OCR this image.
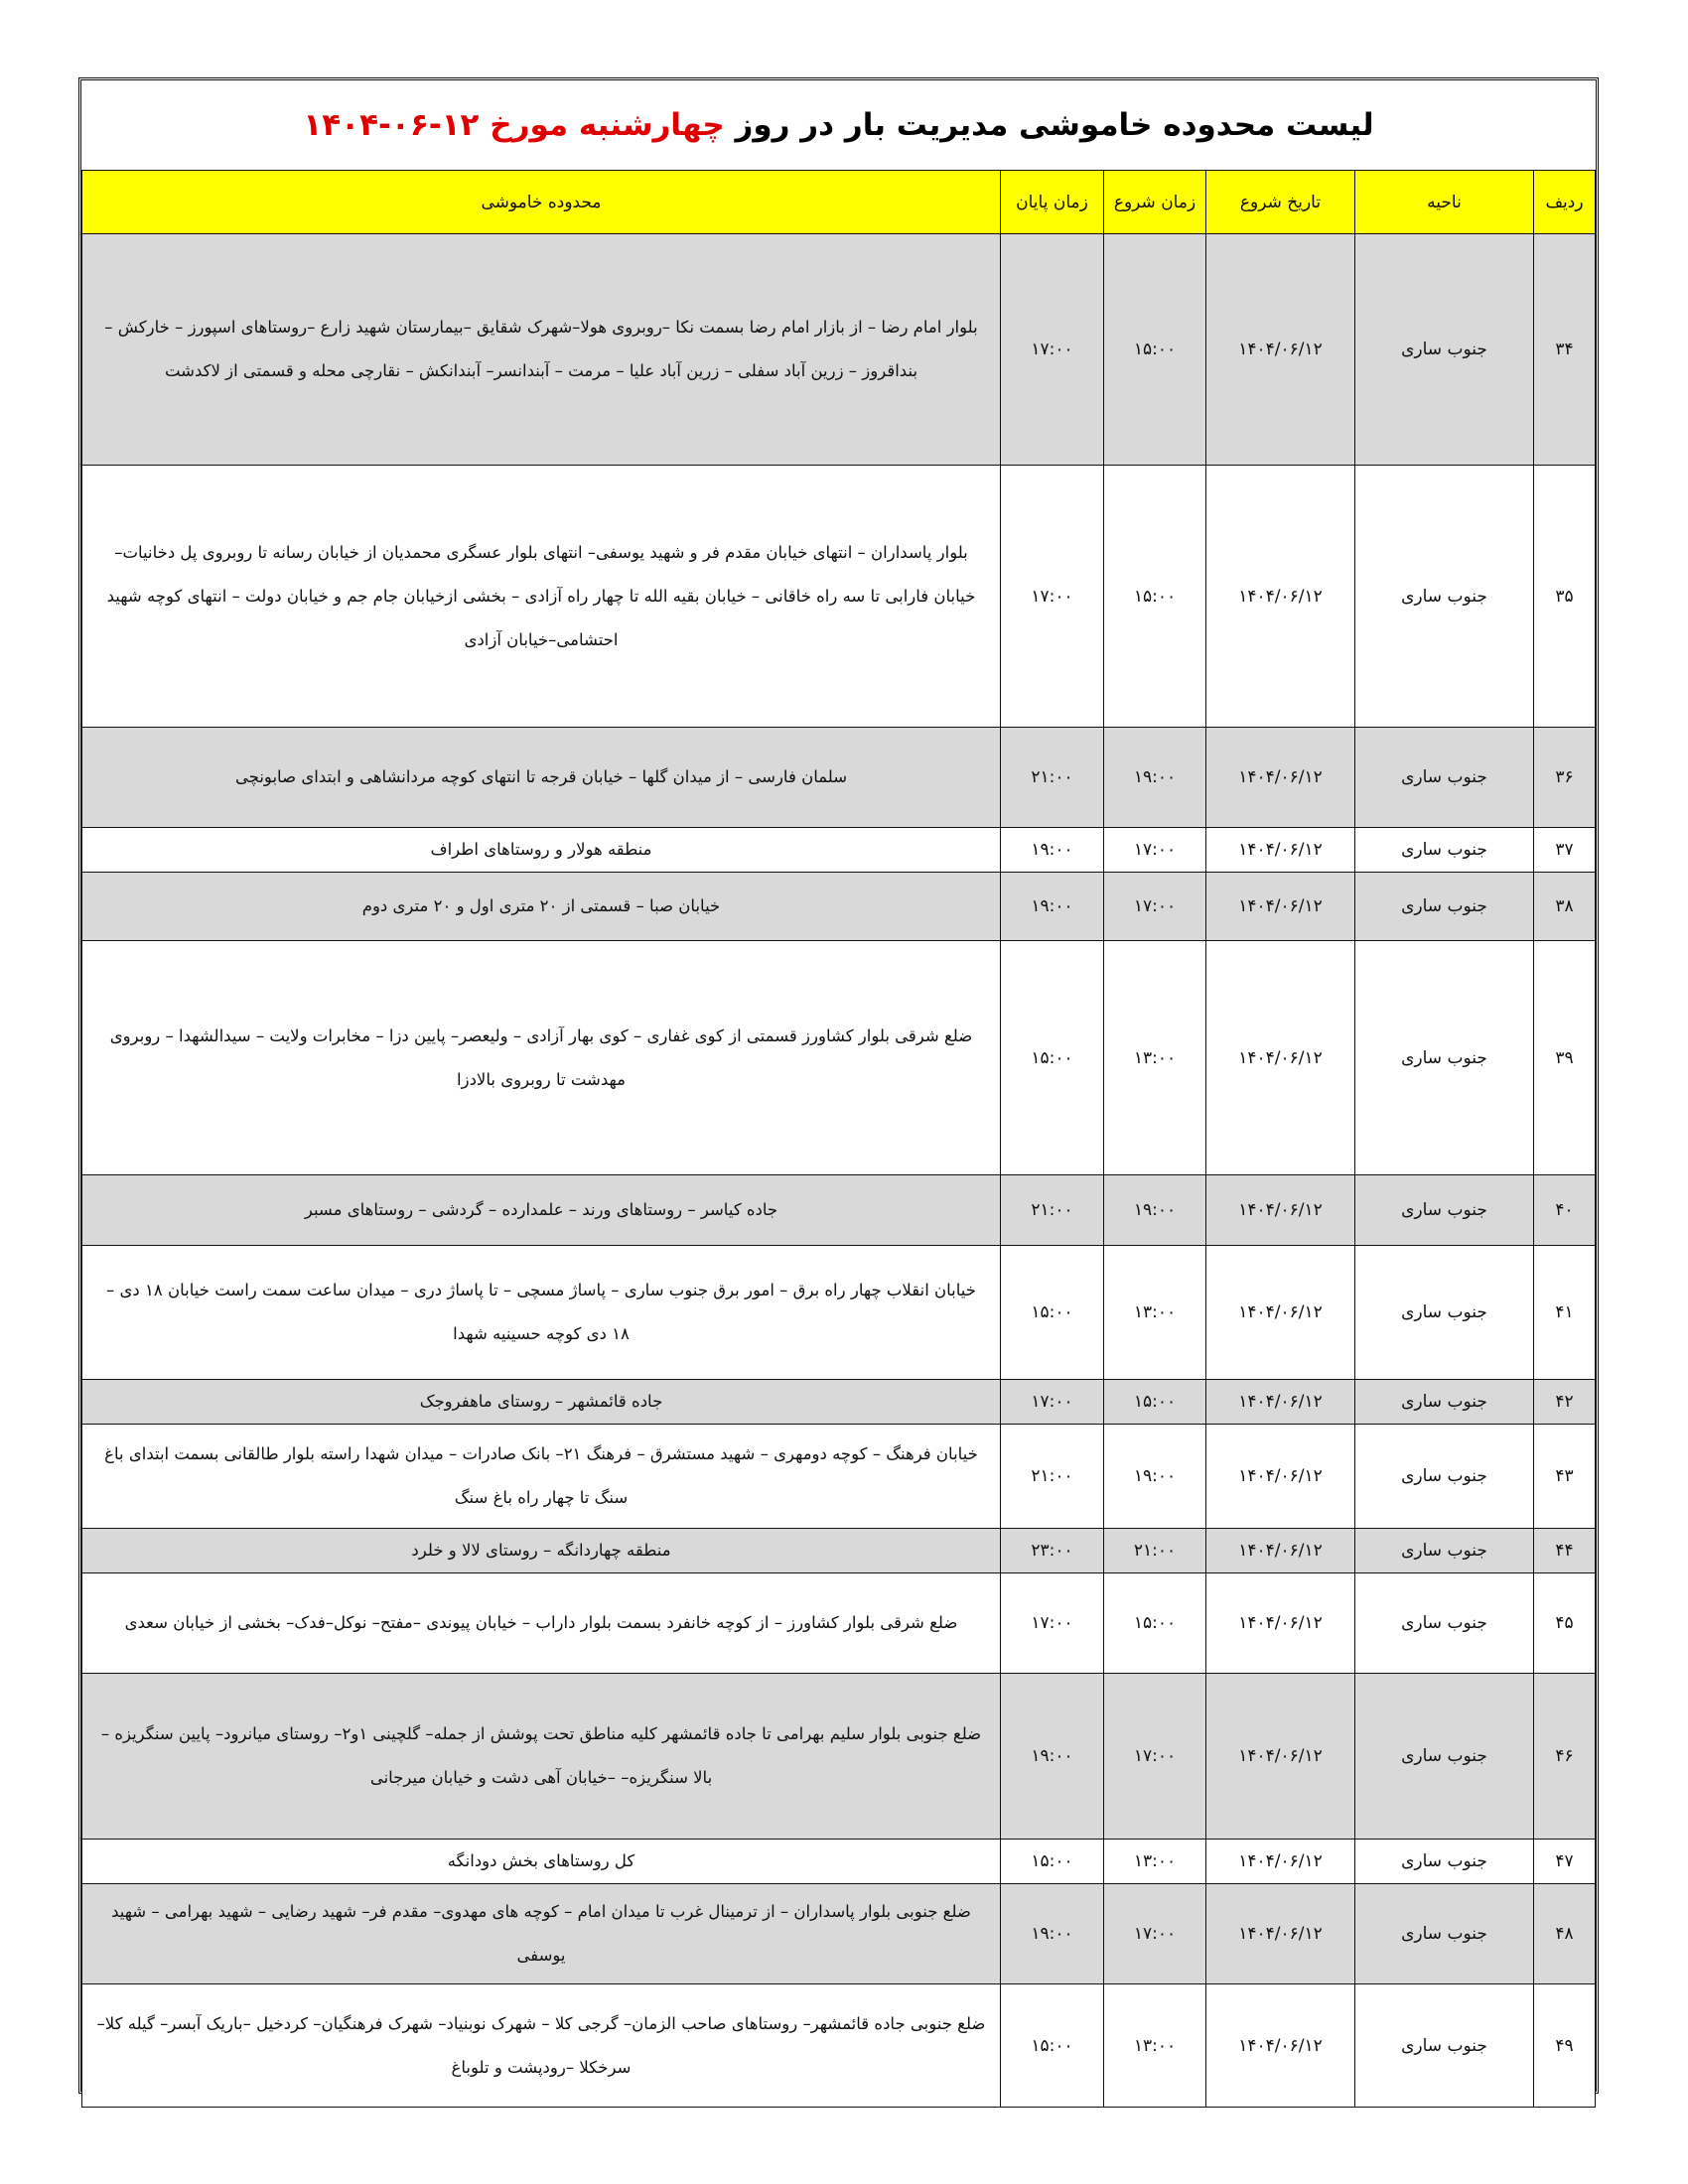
لیست محدوده خاموشی مدیریت بار در روز چهارشنبه مورخ ۱۲-۰۶-۱۴۰۴
ردیف	ناحیه	تاریخ شروع	زمان شروع	زمان پایان	محدوده خاموشی
۳۴	جنوب ساری	۱۴۰۴/۰۶/۱۲	۱۵:۰۰	۱۷:۰۰	بلوار امام رضا – از بازار امام رضا بسمت نکا –روبروی هولا–شهرک شقایق –بیمارستان شهید زارع –روستاهای اسپورز – خارکش – بنداقروز – زرین آباد سفلی – زرین آباد علیا – مرمت – آبندانسر– آبندانکش – نقارچی محله و قسمتی از لاکدشت
۳۵	جنوب ساری	۱۴۰۴/۰۶/۱۲	۱۵:۰۰	۱۷:۰۰	بلوار پاسداران – انتهای خیابان مقدم فر و شهید یوسفی– انتهای بلوار عسگری محمدیان از خیابان رسانه تا روبروی پل دخانیات– خیابان فارابی تا سه راه خاقانی – خیابان بقیه الله تا چهار راه آزادی – بخشی ازخیابان جام جم و خیابان دولت – انتهای کوچه شهید احتشامی–خیابان آزادی
۳۶	جنوب ساری	۱۴۰۴/۰۶/۱۲	۱۹:۰۰	۲۱:۰۰	سلمان فارسی – از میدان گلها – خیابان قرجه تا انتهای کوچه مردانشاهی و ابتدای صابونچی
۳۷	جنوب ساری	۱۴۰۴/۰۶/۱۲	۱۷:۰۰	۱۹:۰۰	منطقه هولار و روستاهای اطراف
۳۸	جنوب ساری	۱۴۰۴/۰۶/۱۲	۱۷:۰۰	۱۹:۰۰	خیابان صبا – قسمتی از ۲۰ متری اول و ۲۰ متری دوم
۳۹	جنوب ساری	۱۴۰۴/۰۶/۱۲	۱۳:۰۰	۱۵:۰۰	ضلع شرقی بلوار کشاورز قسمتی از کوی غفاری – کوی بهار آزادی – ولیعصر– پایین دزا – مخابرات ولایت – سیدالشهدا – روبروی مهدشت تا روبروی بالادزا
۴۰	جنوب ساری	۱۴۰۴/۰۶/۱۲	۱۹:۰۰	۲۱:۰۰	جاده کیاسر – روستاهای ورند – علمدارده – گردشی – روستاهای مسبر
۴۱	جنوب ساری	۱۴۰۴/۰۶/۱۲	۱۳:۰۰	۱۵:۰۰	خیابان انقلاب چهار راه برق – امور برق جنوب ساری – پاساژ مسچی – تا پاساژ دری – میدان ساعت سمت راست خیابان ۱۸ دی – ۱۸ دی کوچه حسینیه شهدا
۴۲	جنوب ساری	۱۴۰۴/۰۶/۱۲	۱۵:۰۰	۱۷:۰۰	جاده قائمشهر – روستای ماهفروجک
۴۳	جنوب ساری	۱۴۰۴/۰۶/۱۲	۱۹:۰۰	۲۱:۰۰	خیابان فرهنگ – کوچه دومهری – شهید مستشرق – فرهنگ ۲۱– بانک صادرات – میدان شهدا راسته بلوار طالقانی بسمت ابتدای باغ سنگ تا چهار راه باغ سنگ
۴۴	جنوب ساری	۱۴۰۴/۰۶/۱۲	۲۱:۰۰	۲۳:۰۰	منطقه چهاردانگه – روستای لالا و خلرد
۴۵	جنوب ساری	۱۴۰۴/۰۶/۱۲	۱۵:۰۰	۱۷:۰۰	ضلع شرقی بلوار کشاورز – از کوچه خانفرد بسمت بلوار داراب – خیابان پیوندی –مفتح– نوکل–فدک– بخشی از خیابان سعدی
۴۶	جنوب ساری	۱۴۰۴/۰۶/۱۲	۱۷:۰۰	۱۹:۰۰	ضلع جنوبی بلوار سلیم بهرامی تا جاده قائمشهر کلیه مناطق تحت پوشش از جمله– گلچینی ۱و۲– روستای میانرود– پایین سنگریزه – بالا سنگریزه– –خیابان آهی دشت و خیابان میرجانی
۴۷	جنوب ساری	۱۴۰۴/۰۶/۱۲	۱۳:۰۰	۱۵:۰۰	کل روستاهای بخش دودانگه
۴۸	جنوب ساری	۱۴۰۴/۰۶/۱۲	۱۷:۰۰	۱۹:۰۰	ضلع جنوبی بلوار پاسداران – از ترمینال غرب تا میدان امام – کوچه های مهدوی– مقدم فر– شهید رضایی – شهید بهرامی – شهید یوسفی
۴۹	جنوب ساری	۱۴۰۴/۰۶/۱۲	۱۳:۰۰	۱۵:۰۰	ضلع جنوبی جاده قائمشهر– روستاهای صاحب الزمان– گرجی کلا – شهرک نوبنیاد– شهرک فرهنگیان– کردخیل –باریک آبسر– گیله کلا– سرخکلا –رودپشت و تلوباغ
